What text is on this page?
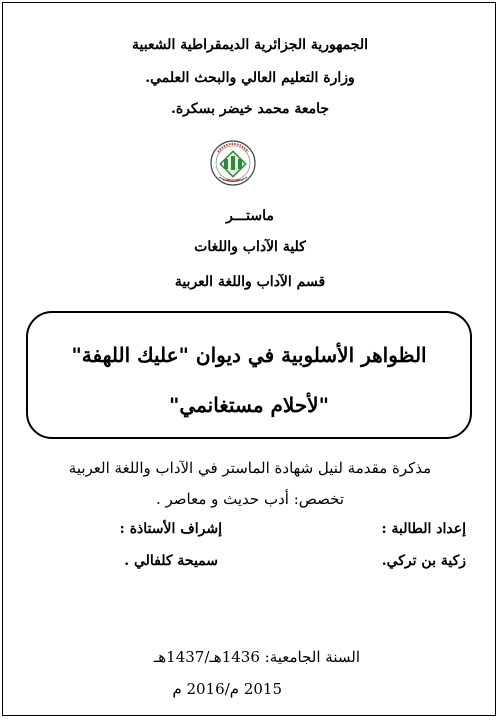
الجمهورية الجزائرية الديمقراطية الشعبية
وزارة التعليم العالي والبحث العلمي.
جامعة محمد خيضر بسكرة.
ماستـــر
كلية الآداب واللغات
قسم الآداب واللغة العربية
الظواهر الأسلوبية في ديوان "عليك اللهفة"
"لأحلام مستغانمي"
مذكرة مقدمة لنيل شهادة الماستر في الآداب واللغة العربية
تخصص: أدب حديث و معاصر .
إعداد الطالبة :
إشراف الأستاذة :
زكية بن تركي.
سميحة كلفالي .
السنة الجامعية: 1436هـ/1437هـ
2015 م/2016 م
